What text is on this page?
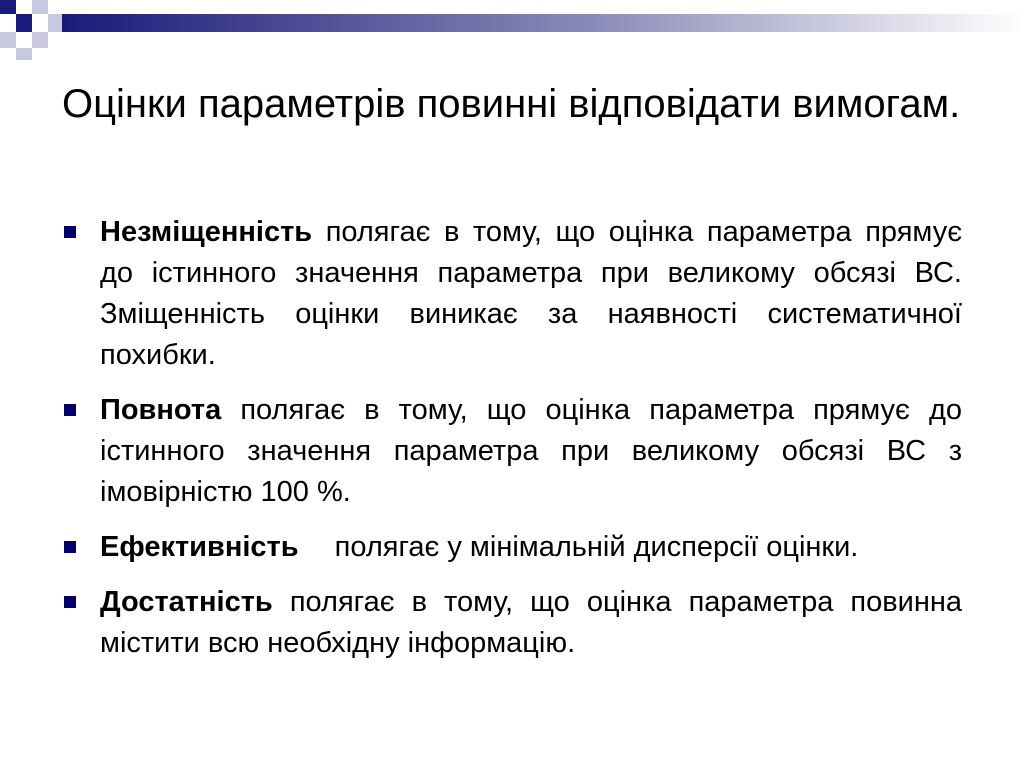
Оцінки параметрів повинні відповідати вимогам.
Незміщенність полягає в тому, що оцінка параметра прямує до істинного значення параметра при великому обсязі ВС. Зміщенність оцінки виникає за наявності систематичної похибки.
Повнота полягає в тому, що оцінка параметра прямує до істинного значення параметра при великому обсязі ВС з імовірністю 100 %.
Ефективність полягає у мінімальній дисперсії оцінки.
Достатність полягає в тому, що оцінка параметра повинна містити всю необхідну інформацію.
